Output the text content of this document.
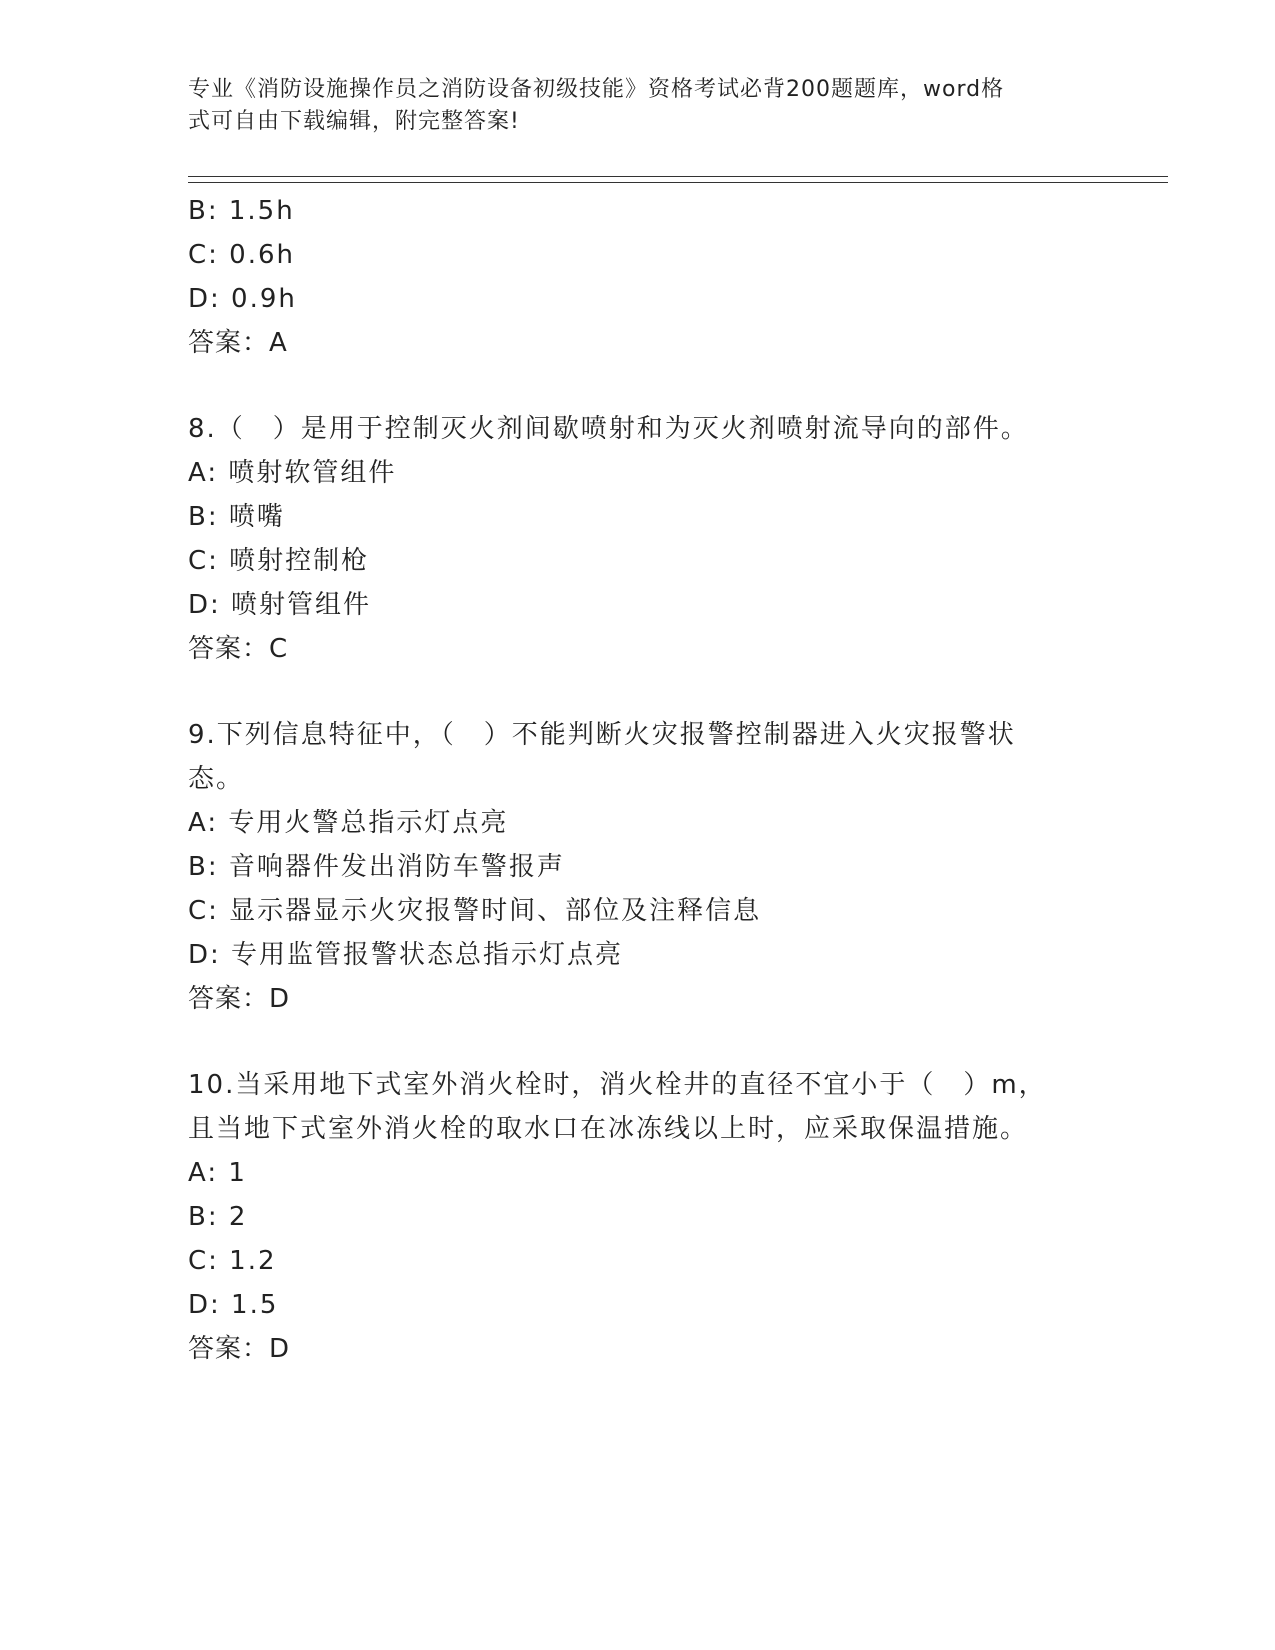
专业《消防设施操作员之消防设备初级技能》资格考试必背200题题库，word格
式可自由下载编辑，附完整答案!
B: 1.5h
C: 0.6h
D: 0.9h
答案：A
8.（　）是用于控制灭火剂间歇喷射和为灭火剂喷射流导向的部件。
A: 喷射软管组件
B: 喷嘴
C: 喷射控制枪
D: 喷射管组件
答案：C
9.下列信息特征中，（　）不能判断火灾报警控制器进入火灾报警状
态。
A: 专用火警总指示灯点亮
B: 音响器件发出消防车警报声
C: 显示器显示火灾报警时间、部位及注释信息
D: 专用监管报警状态总指示灯点亮
答案：D
10.当采用地下式室外消火栓时，消火栓井的直径不宜小于（　）m，
且当地下式室外消火栓的取水口在冰冻线以上时，应采取保温措施。
A: 1
B: 2
C: 1.2
D: 1.5
答案：D
